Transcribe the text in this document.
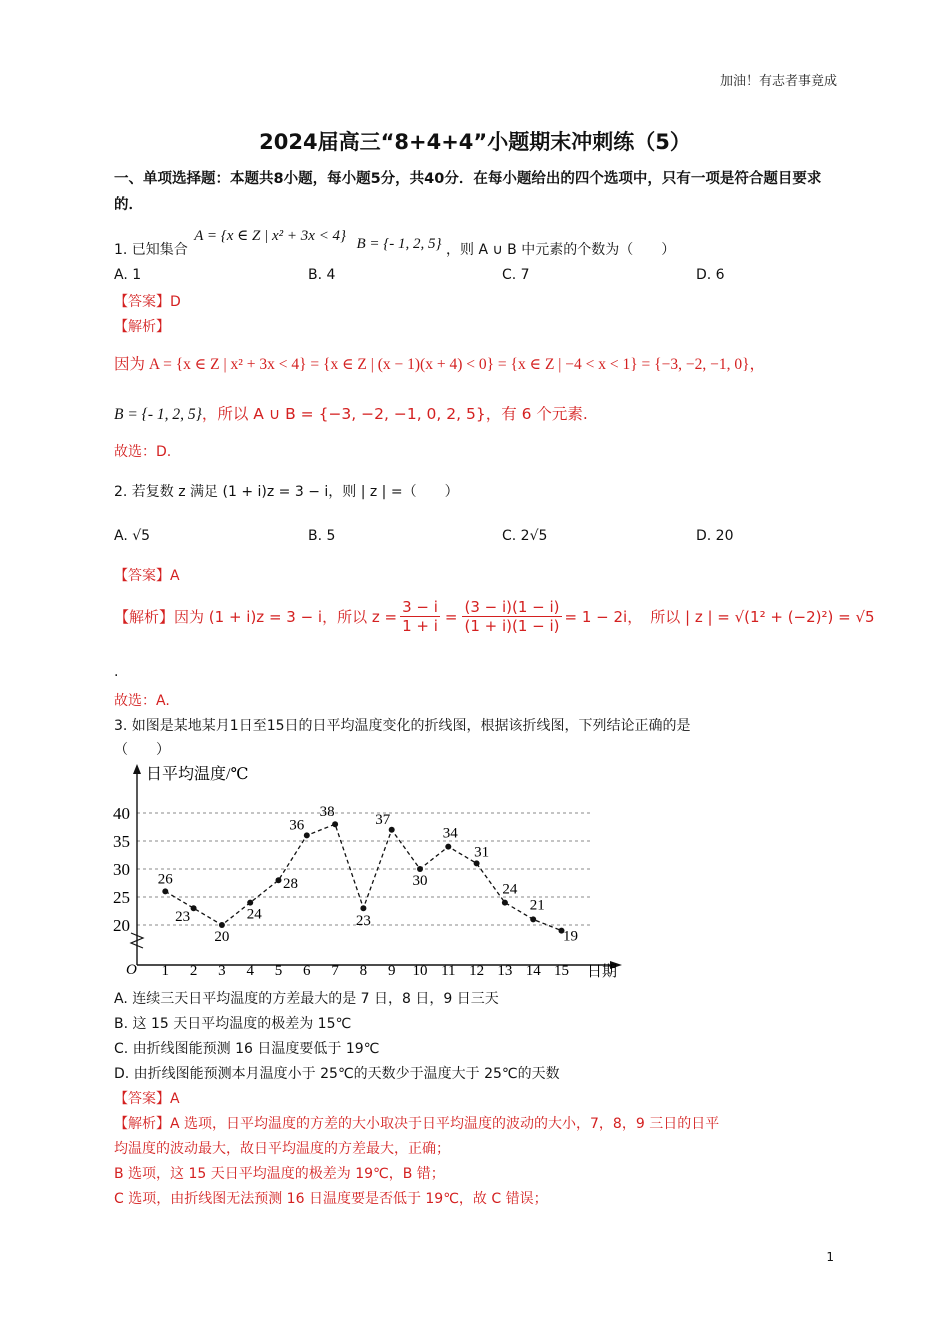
加油！有志者事竟成
2024届高三“8+4+4”小题期末冲刺练（5）
一、单项选择题：本题共8小题，每小题5分，共40分．在每小题给出的四个选项中，只有一项是符合题目要求的．
1. 已知集合 A = {x ∈ Z | x² + 3x < 4} B = {- 1, 2, 5} ，则 A ∪ B 中元素的个数为（　　）
A. 1	B. 4	C. 7	D. 6
【答案】D
【解析】
因为 A = {x ∈ Z | x² + 3x < 4} = {x ∈ Z | (x − 1)(x + 4) < 0} = {x ∈ Z | −4 < x < 1} = {−3, −2, −1, 0}，
B = {- 1, 2, 5}，所以 A ∪ B = {−3, −2, −1, 0, 2, 5}，有 6 个元素.
故选：D.
2. 若复数 z 满足 (1 + i)z = 3 − i，则 | z | =（　　）
A. √5	B. 5	C. 2√5	D. 20
【答案】A
【解析】 因为 (1 + i)z = 3 − i，所以 $z = \frac{3 - i}{1 + i} = \frac{(3 - i)(1 - i)}{(1 + i)(1 - i)} = 1 - 2i$， 所以 | z | = √(1² + (−2)²) = √5
.
故选：A.
3. 如图是某地某月1日至15日的日平均温度变化的折线图，根据该折线图，下列结论正确的是
（　　）
20
25
30
35
40
1 2 3 4 5 6 7 8 9 10 11 12 13 14 15
日平均温度/℃
日期
O
26
23
20
24
28
36
38
23
37
30
34
31
24
21
19
A. 连续三天日平均温度的方差最大的是 7 日，8 日，9 日三天
B. 这 15 天日平均温度的极差为 15℃
C. 由折线图能预测 16 日温度要低于 19℃
D. 由折线图能预测本月温度小于 25℃的天数少于温度大于 25℃的天数
【答案】A
【解析】A 选项，日平均温度的方差的大小取决于日平均温度的波动的大小，7，8，9 三日的日平
均温度的波动最大，故日平均温度的方差最大，正确；
B 选项，这 15 天日平均温度的极差为 19℃，B 错；
C 选项，由折线图无法预测 16 日温度要是否低于 19℃，故 C 错误；
1
